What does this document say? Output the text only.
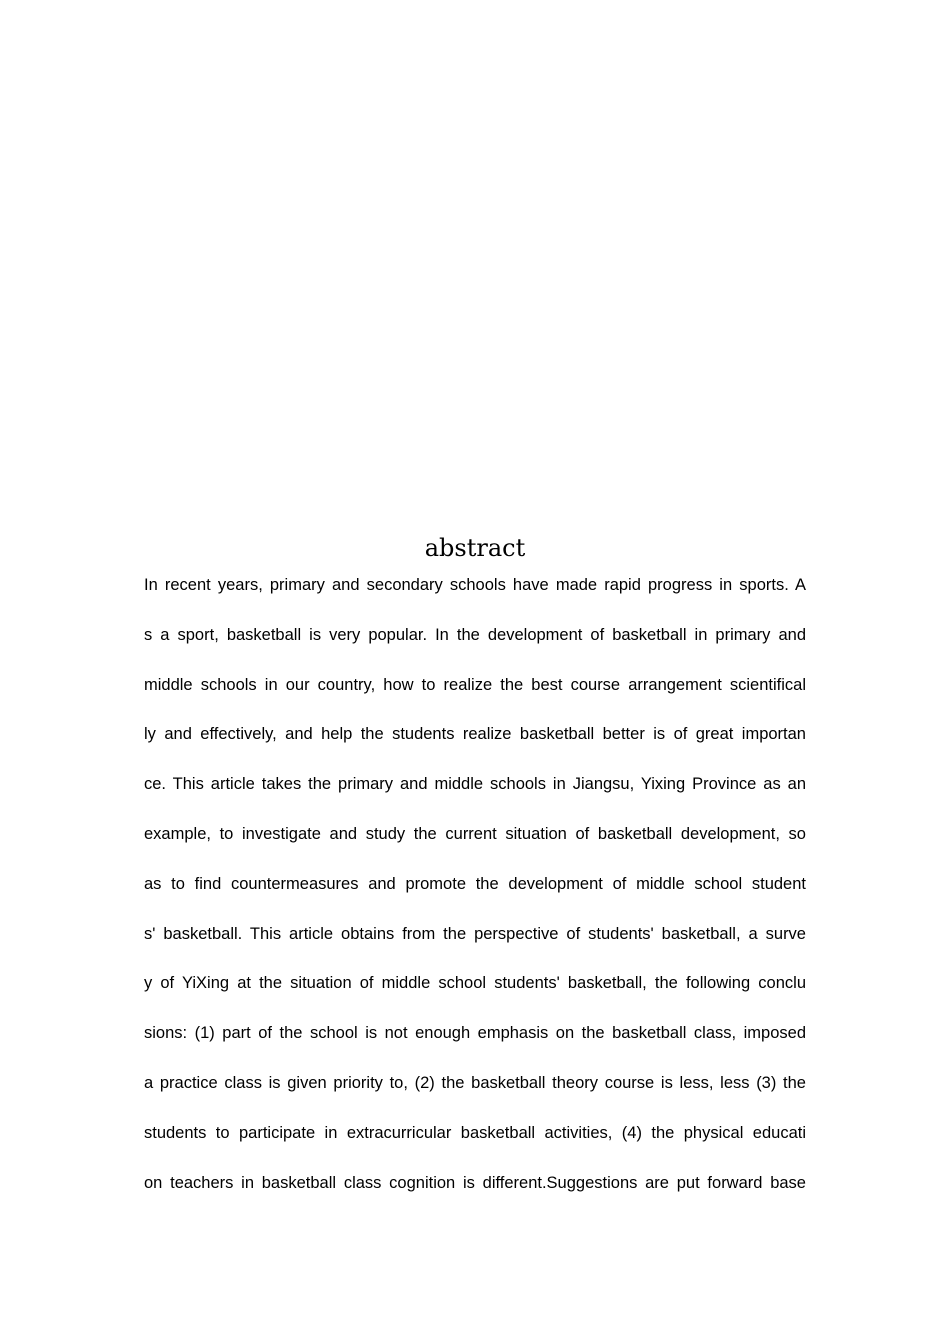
abstract
In recent years, primary and secondary schools have made rapid progress in sports. A
s a sport, basketball is very popular. In the development of basketball in primary and
middle schools in our country, how to realize the best course arrangement scientifical
ly and effectively, and help the students realize basketball better is of great importan
ce. This article takes the primary and middle schools in Jiangsu, Yixing Province as an
example, to investigate and study the current situation of basketball development, so
as to find countermeasures and promote the development of middle school student
s' basketball. This article obtains from the perspective of students' basketball, a surve
y of YiXing at the situation of middle school students' basketball, the following conclu
sions: (1) part of the school is not enough emphasis on the basketball class, imposed
a practice class is given priority to, (2) the basketball theory course is less, less (3) the
students to participate in extracurricular basketball activities, (4) the physical educati
on teachers in basketball class cognition is different.Suggestions are put forward base
